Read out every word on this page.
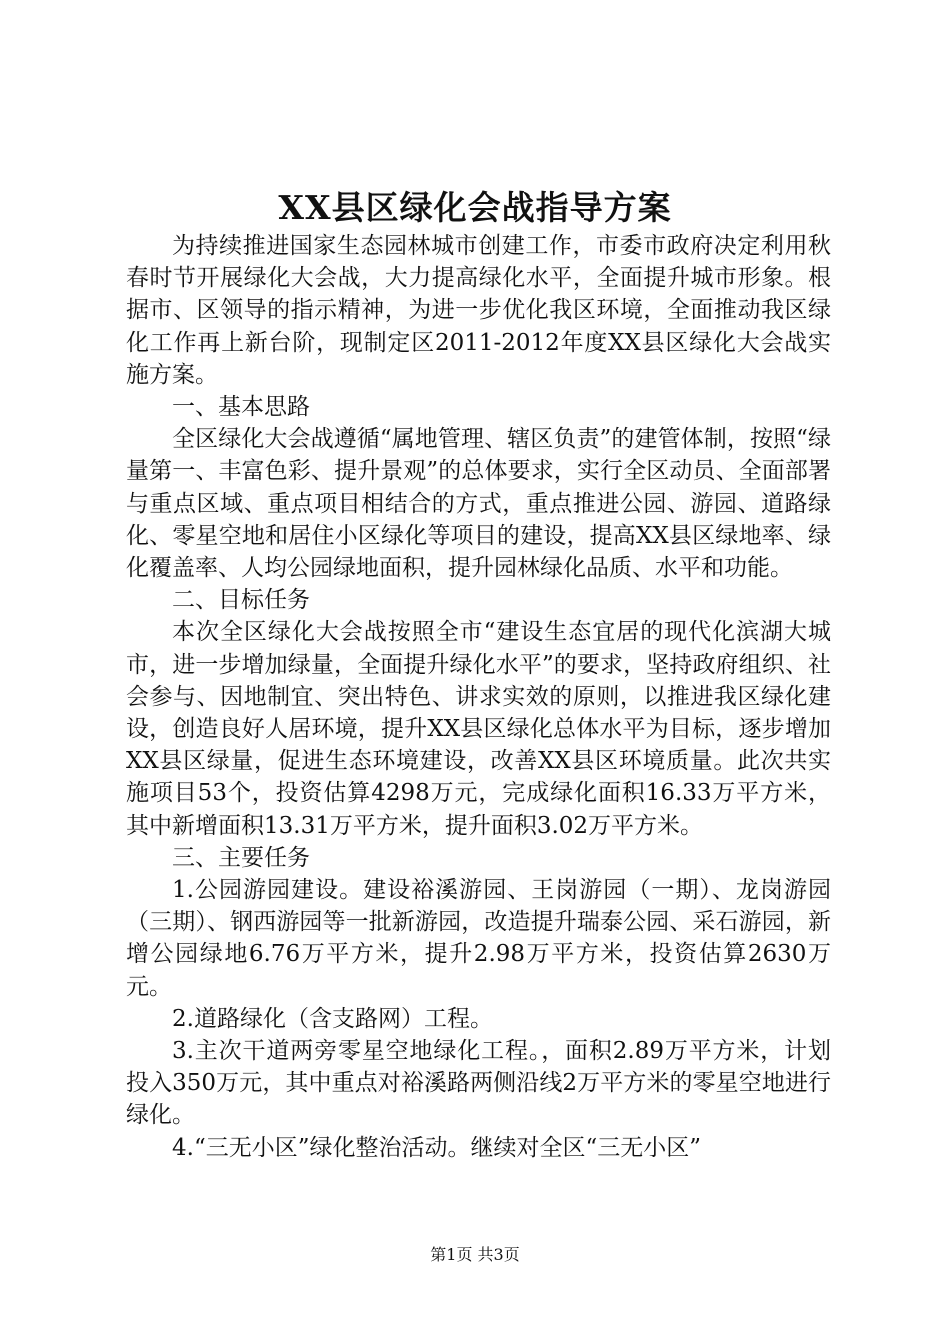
XX县区绿化会战指导方案

为持续推进国家生态园林城市创建工作，市委市政府决定利用秋春时节开展绿化大会战，大力提高绿化水平，全面提升城市形象。根据市、区领导的指示精神，为进一步优化我区环境，全面推动我区绿化工作再上新台阶，现制定区2011-2012年度XX县区绿化大会战实施方案。

一、基本思路

全区绿化大会战遵循“属地管理、辖区负责”的建管体制，按照“绿量第一、丰富色彩、提升景观”的总体要求，实行全区动员、全面部署与重点区域、重点项目相结合的方式，重点推进公园、游园、道路绿化、零星空地和居住小区绿化等项目的建设，提高XX县区绿地率、绿化覆盖率、人均公园绿地面积，提升园林绿化品质、水平和功能。

二、目标任务

本次全区绿化大会战按照全市“建设生态宜居的现代化滨湖大城市，进一步增加绿量，全面提升绿化水平”的要求，坚持政府组织、社会参与、因地制宜、突出特色、讲求实效的原则，以推进我区绿化建设，创造良好人居环境，提升XX县区绿化总体水平为目标，逐步增加XX县区绿量，促进生态环境建设，改善XX县区环境质量。此次共实施项目53个，投资估算4298万元，完成绿化面积16.33万平方米，其中新增面积13.31万平方米，提升面积3.02万平方米。

三、主要任务

1.公园游园建设。建设裕溪游园、王岗游园（一期）、龙岗游园（三期）、钢西游园等一批新游园，改造提升瑞泰公园、采石游园，新增公园绿地6.76万平方米，提升2.98万平方米，投资估算2630万元。

2.道路绿化（含支路网）工程。

3.主次干道两旁零星空地绿化工程。，面积2.89万平方米，计划投入350万元，其中重点对裕溪路两侧沿线2万平方米的零星空地进行绿化。

4.“三无小区”绿化整治活动。继续对全区“三无小区”

第1页 共3页
